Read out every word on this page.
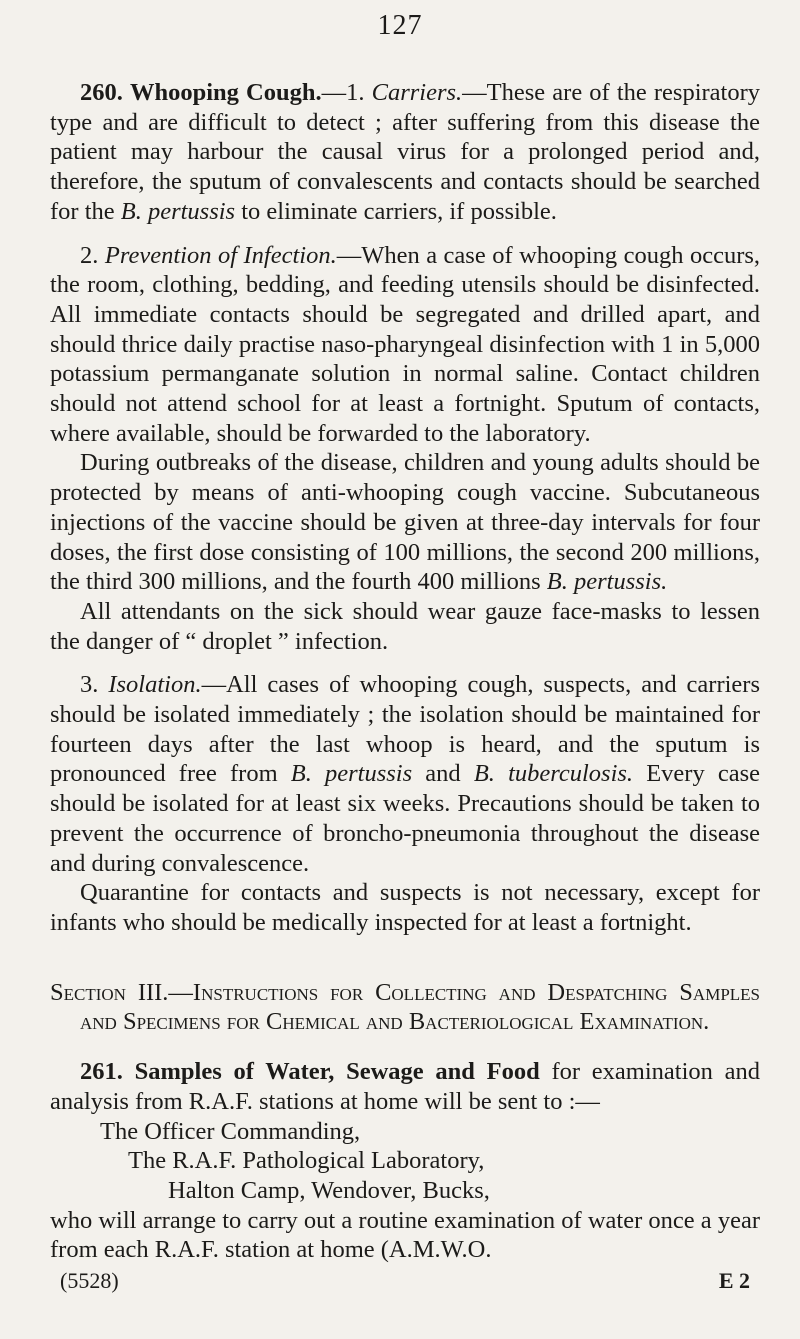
127

260. Whooping Cough.—1. Carriers.—These are of the respiratory type and are difficult to detect ; after suffering from this disease the patient may harbour the causal virus for a prolonged period and, therefore, the sputum of convalescents and contacts should be searched for the B. pertussis to eliminate carriers, if possible.

2. Prevention of Infection.—When a case of whooping cough occurs, the room, clothing, bedding, and feeding utensils should be disinfected. All immediate contacts should be segregated and drilled apart, and should thrice daily practise naso-pharyngeal disinfection with 1 in 5,000 potassium permanganate solution in normal saline. Contact children should not attend school for at least a fortnight. Sputum of contacts, where available, should be forwarded to the laboratory.

During outbreaks of the disease, children and young adults should be protected by means of anti-whooping cough vaccine. Subcutaneous injections of the vaccine should be given at three-day intervals for four doses, the first dose consisting of 100 millions, the second 200 millions, the third 300 millions, and the fourth 400 millions B. pertussis.

All attendants on the sick should wear gauze face-masks to lessen the danger of “ droplet ” infection.

3. Isolation.—All cases of whooping cough, suspects, and carriers should be isolated immediately ; the isolation should be maintained for fourteen days after the last whoop is heard, and the sputum is pronounced free from B. pertussis and B. tuberculosis. Every case should be isolated for at least six weeks. Precautions should be taken to prevent the occurrence of broncho-pneumonia throughout the disease and during convalescence.

Quarantine for contacts and suspects is not necessary, except for infants who should be medically inspected for at least a fortnight.

Section III.—Instructions for Collecting and Despatching Samples and Specimens for Chemical and Bacteriological Examination.

261. Samples of Water, Sewage and Food for examination and analysis from R.A.F. stations at home will be sent to :—

The Officer Commanding,

The R.A.F. Pathological Laboratory,

Halton Camp, Wendover, Bucks,

who will arrange to carry out a routine examination of water once a year from each R.A.F. station at home (A.M.W.O.

(5528)	E 2
